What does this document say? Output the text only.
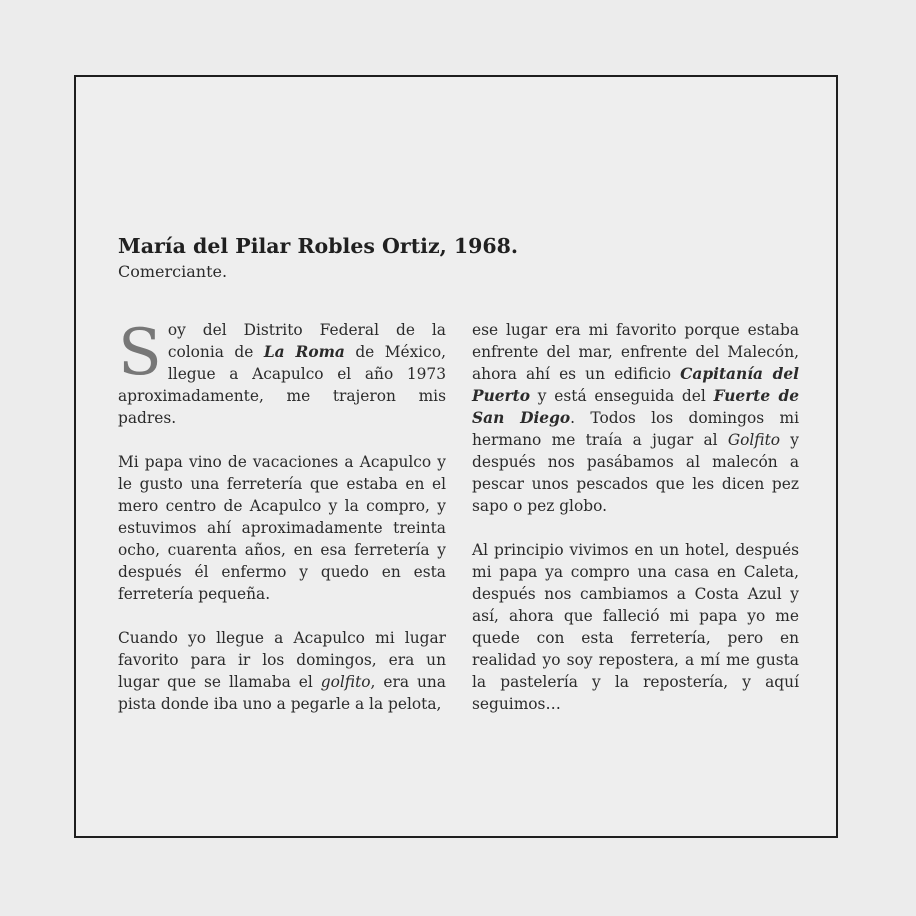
María del Pilar Robles Ortiz, 1968.
Comerciante.

Soy del Distrito Federal de la colonia de La Roma de México, llegue a Acapulco el año 1973 aproximadamente, me trajeron mis padres.

Mi papa vino de vacaciones a Acapulco y le gusto una ferretería que estaba en el mero centro de Acapulco y la compro, y estuvimos ahí aproximadamente treinta ocho, cuarenta años, en esa ferretería y después él enfermo y quedo en esta ferretería pequeña.

Cuando yo llegue a Acapulco mi lugar favorito para ir los domingos, era un lugar que se llamaba el golfito, era una pista donde iba uno a pegarle a la pelota,

ese lugar era mi favorito porque estaba enfrente del mar, enfrente del Malecón, ahora ahí es un edificio Capitanía del Puerto y está enseguida del Fuerte de San Diego. Todos los domingos mi hermano me traía a jugar al Golfito y después nos pasábamos al malecón a pescar unos pescados que les dicen pez sapo o pez globo.

Al principio vivimos en un hotel, después mi papa ya compro una casa en Caleta, después nos cambiamos a Costa Azul y así, ahora que falleció mi papa yo me quede con esta ferretería, pero en realidad yo soy repostera, a mí me gusta la pastelería y la repostería, y aquí seguimos…
